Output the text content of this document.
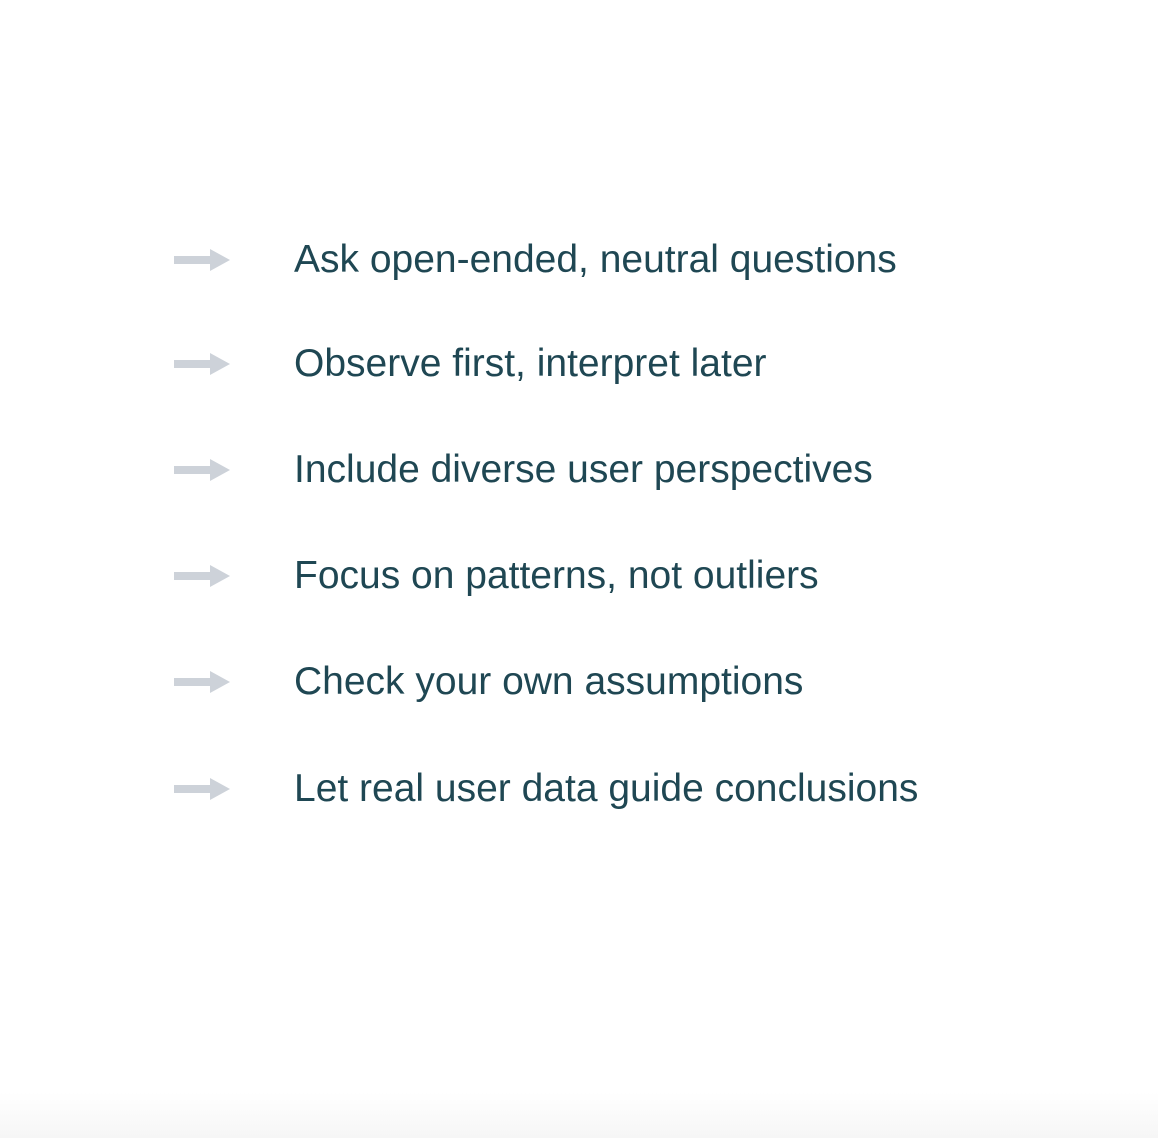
Ask open-ended, neutral questions
Observe first, interpret later
Include diverse user perspectives
Focus on patterns, not outliers
Check your own assumptions
Let real user data guide conclusions
